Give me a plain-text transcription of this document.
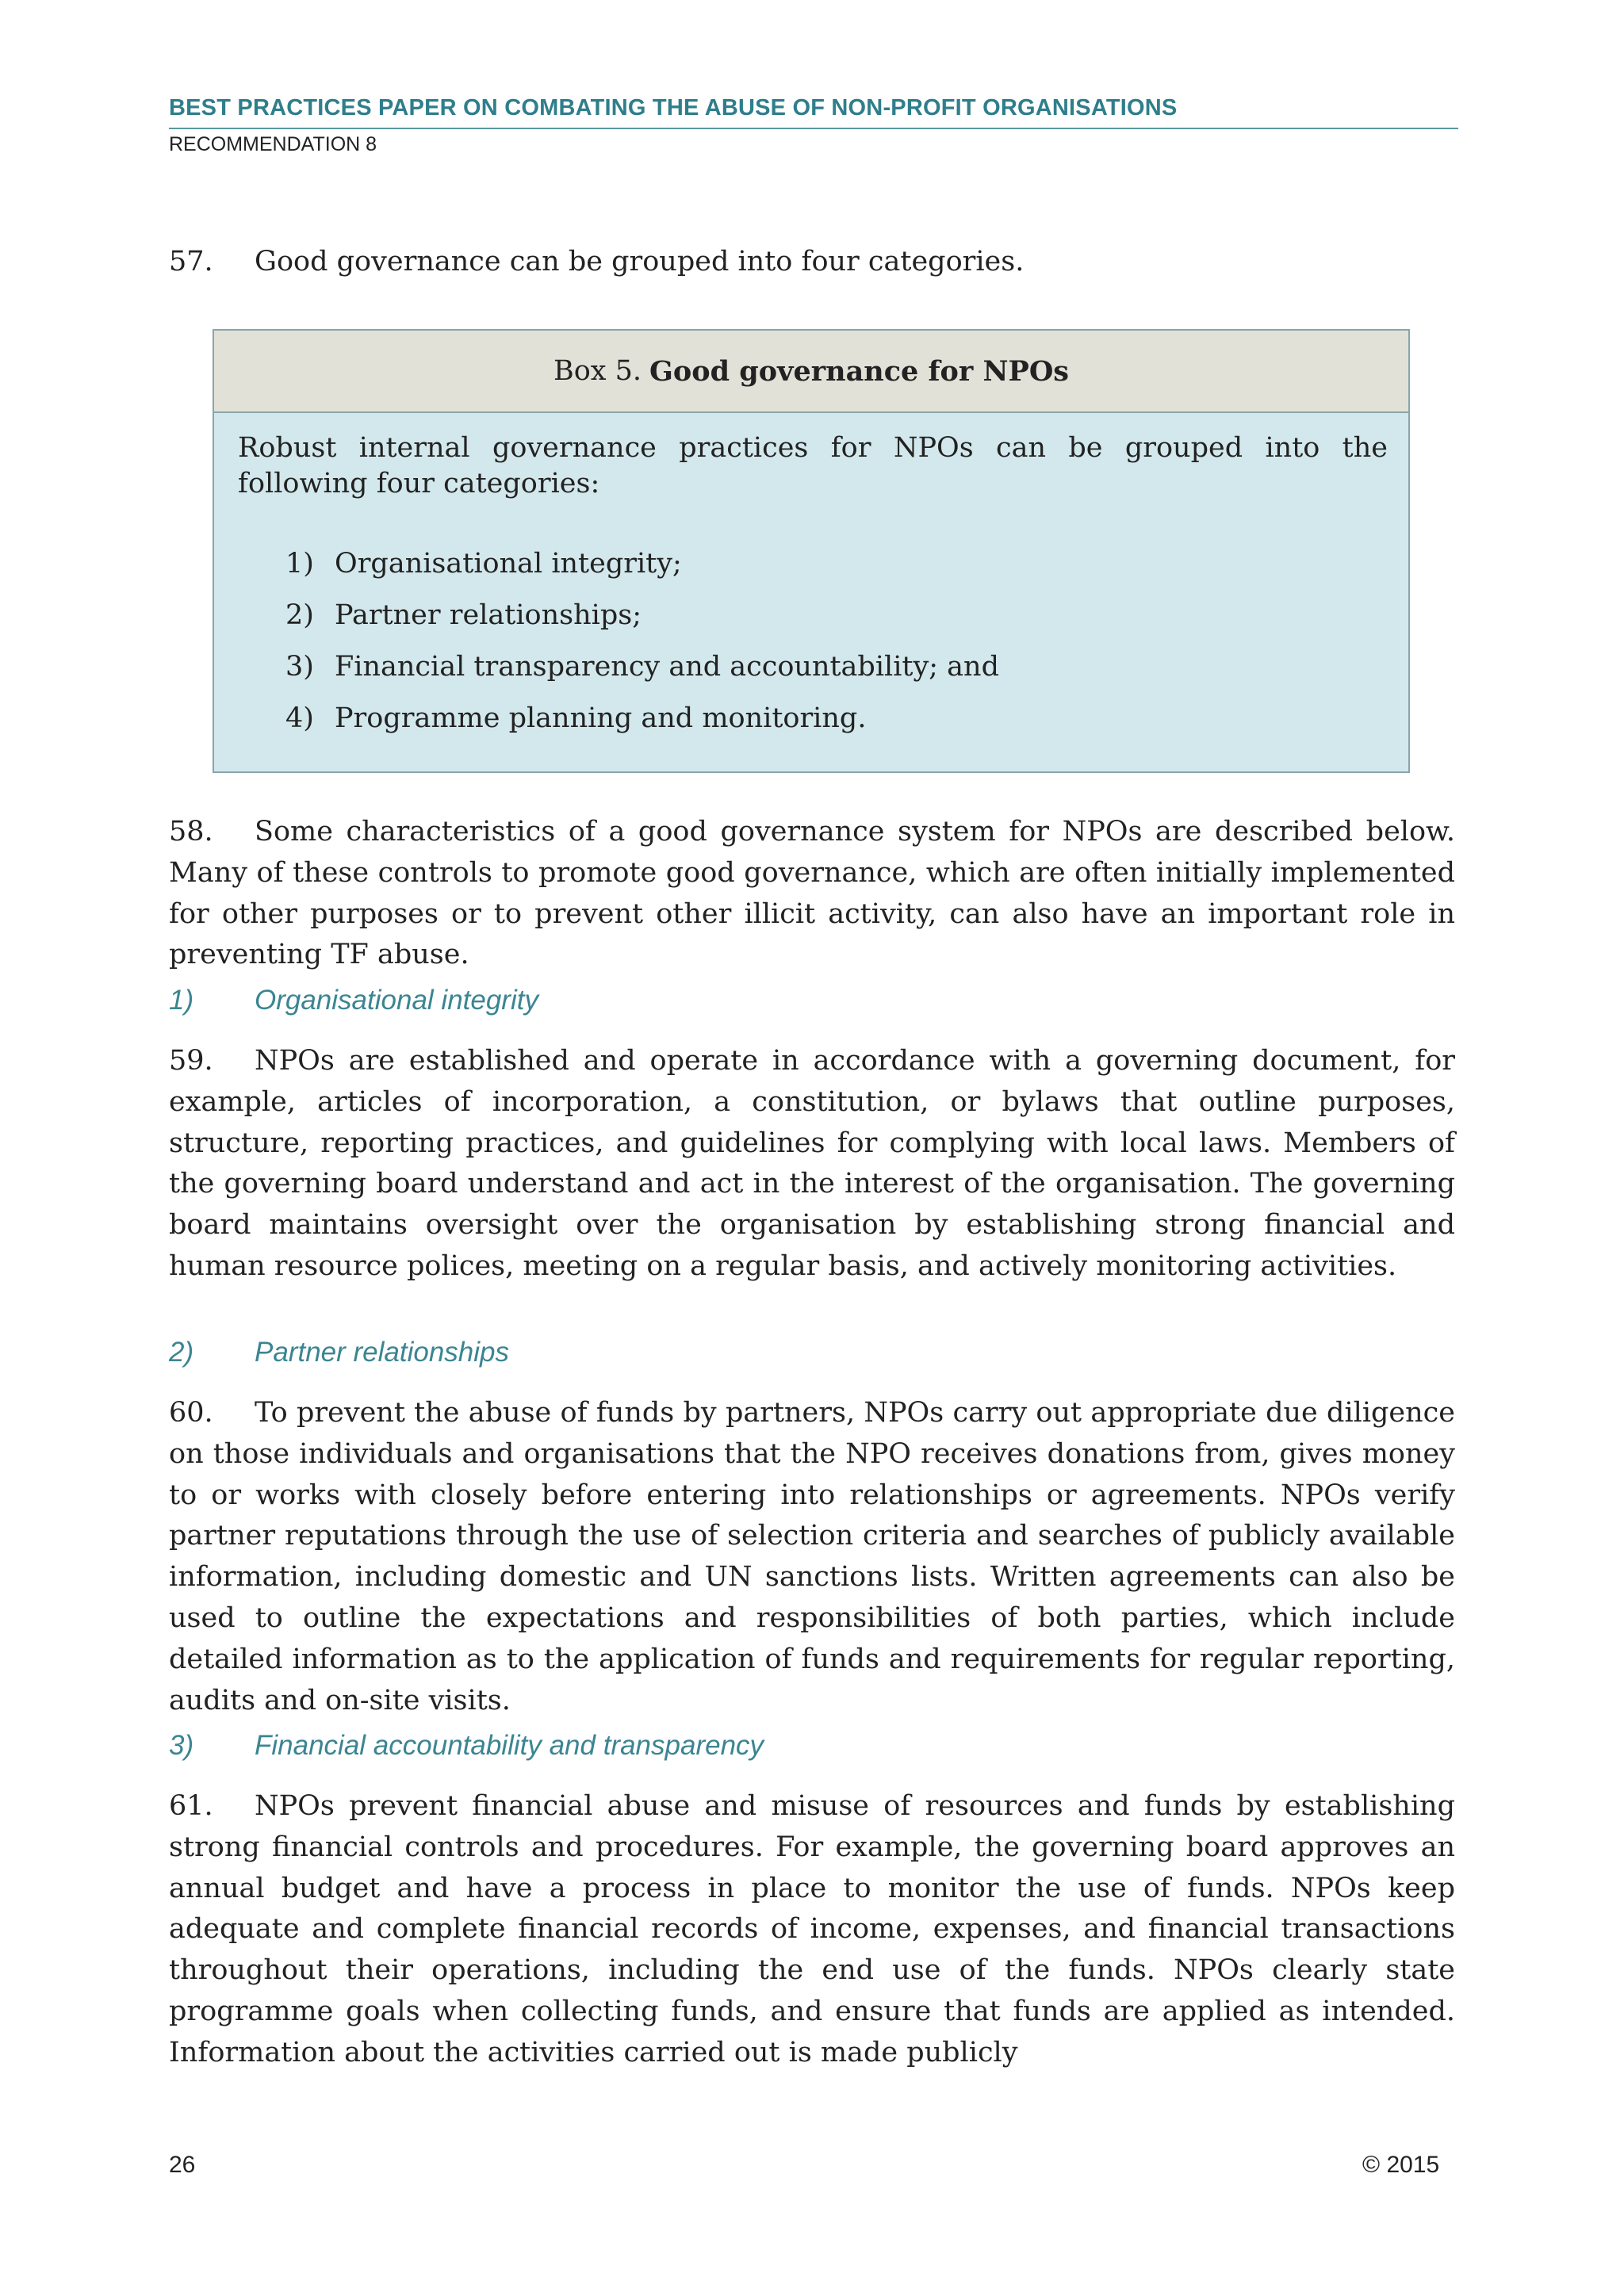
BEST PRACTICES PAPER ON COMBATING THE ABUSE OF NON-PROFIT ORGANISATIONS
RECOMMENDATION 8
57. Good governance can be grouped into four categories.
Box 5. Good governance for NPOs
Robust internal governance practices for NPOs can be grouped into the following four categories:
1) Organisational integrity;
2) Partner relationships;
3) Financial transparency and accountability; and
4) Programme planning and monitoring.
58. Some characteristics of a good governance system for NPOs are described below. Many of these controls to promote good governance, which are often initially implemented for other purposes or to prevent other illicit activity, can also have an important role in preventing TF abuse.
1) Organisational integrity
59. NPOs are established and operate in accordance with a governing document, for example, articles of incorporation, a constitution, or bylaws that outline purposes, structure, reporting practices, and guidelines for complying with local laws. Members of the governing board understand and act in the interest of the organisation. The governing board maintains oversight over the organisation by establishing strong financial and human resource polices, meeting on a regular basis, and actively monitoring activities.
2) Partner relationships
60. To prevent the abuse of funds by partners, NPOs carry out appropriate due diligence on those individuals and organisations that the NPO receives donations from, gives money to or works with closely before entering into relationships or agreements. NPOs verify partner reputations through the use of selection criteria and searches of publicly available information, including domestic and UN sanctions lists. Written agreements can also be used to outline the expectations and responsibilities of both parties, which include detailed information as to the application of funds and requirements for regular reporting, audits and on-site visits.
3) Financial accountability and transparency
61. NPOs prevent financial abuse and misuse of resources and funds by establishing strong financial controls and procedures. For example, the governing board approves an annual budget and have a process in place to monitor the use of funds. NPOs keep adequate and complete financial records of income, expenses, and financial transactions throughout their operations, including the end use of the funds. NPOs clearly state programme goals when collecting funds, and ensure that funds are applied as intended. Information about the activities carried out is made publicly
26	© 2015
